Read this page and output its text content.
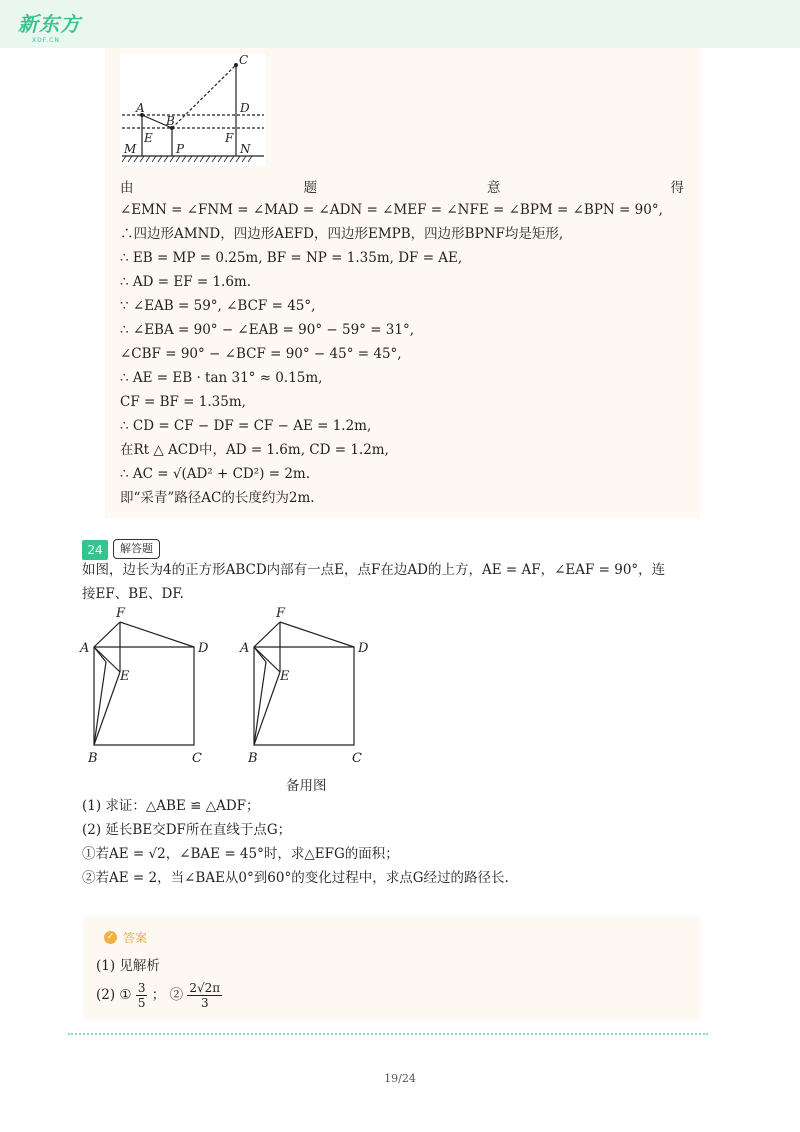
新东方
XDF.CN
C
A	D
B
E	F
M	P	N
由	题	意	得
∠EMN = ∠FNM = ∠MAD = ∠ADN = ∠MEF = ∠NFE = ∠BPM = ∠BPN = 90°,
∴四边形AMND，四边形AEFD，四边形EMPB，四边形BPNF均是矩形,
∴ EB = MP = 0.25m, BF = NP = 1.35m, DF = AE,
∴ AD = EF = 1.6m.
∵ ∠EAB = 59°, ∠BCF = 45°,
∴ ∠EBA = 90° − ∠EAB = 90° − 59° = 31°,
∠CBF = 90° − ∠BCF = 90° − 45° = 45°,
∴ AE = EB · tan 31° ≈ 0.15m,
CF = BF = 1.35m,
∴ CD = CF − DF = CF − AE = 1.2m,
在Rt △ ACD中，AD = 1.6m, CD = 1.2m,
∴ AC = √(AD² + CD²) = 2m.
即“采青”路径AC的长度约为2m.
24	解答题
如图，边长为4的正方形ABCD内部有一点E，点F在边AD的上方，AE = AF，∠EAF = 90°，连
接EF、BE、DF.
F
A	D
E
B	C
F
A	D
E
B	C
备用图
(1) 求证：△ABE ≌ △ADF；
(2) 延长BE交DF所在直线于点G；
①若AE = √2，∠BAE = 45°时，求△EFG的面积；
②若AE = 2，当∠BAE从0°到60°的变化过程中，求点G经过的路径长.
✓ 答案
(1) 见解析
(2) ① $\frac{3}{5}$ ； ② $\frac{2√2\pi}{3}$
19/24
